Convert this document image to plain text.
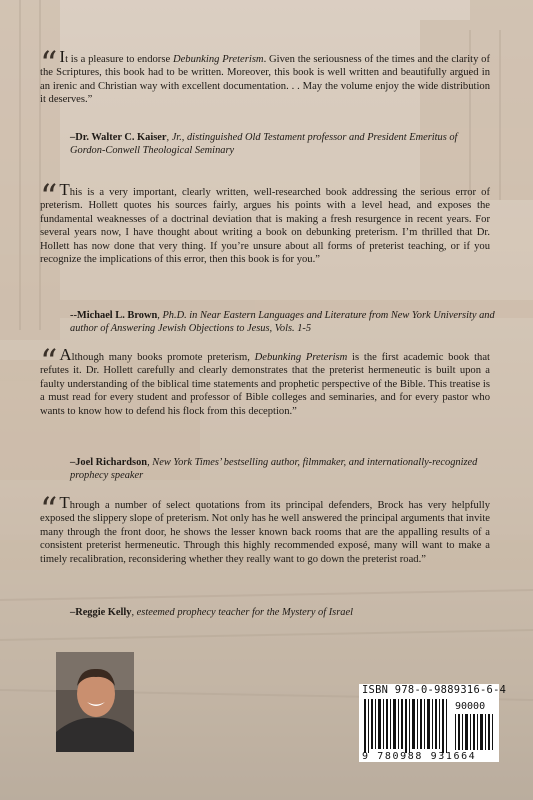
“ It is a pleasure to endorse Debunking Preterism. Given the seriousness of the times and the clarity of the Scriptures, this book had to be written. Moreover, this book is well written and beautifully argued in an irenic and Christian way with excellent documentation. . . May the volume enjoy the wide distribution it deserves.”

–Dr. Walter C. Kaiser, Jr., distinguished Old Testament professor and President Emeritus of Gordon-Conwell Theological Seminary

“ This is a very important, clearly written, well-researched book addressing the serious error of preterism. Hollett quotes his sources fairly, argues his points with a level head, and exposes the fundamental weaknesses of a doctrinal deviation that is making a fresh resurgence in recent years. For several years now, I have thought about writing a book on debunking preterism. I’m thrilled that Dr. Hollett has now done that very thing. If you’re unsure about all forms of preterist teaching, or if you recognize the implications of this error, then this book is for you.”

--Michael L. Brown, Ph.D. in Near Eastern Languages and Literature from New York University and author of Answering Jewish Objections to Jesus, Vols. 1-5

“ Although many books promote preterism, Debunking Preterism is the first academic book that refutes it. Dr. Hollett carefully and clearly demonstrates that the preterist hermeneutic is built upon a faulty understanding of the biblical time statements and prophetic perspective of the Bible. This treatise is a must read for every student and professor of Bible colleges and seminaries, and for every pastor who wants to know how to defend his flock from this deception.”

–Joel Richardson, New York Times’ bestselling author, filmmaker, and internationally-recognized prophecy speaker

“ Through a number of select quotations from its principal defenders, Brock has very helpfully exposed the slippery slope of preterism. Not only has he well answered the principal arguments that invite many through the front door, he shows the lesser known back rooms that are the appalling results of a consistent preterist hermeneutic. Through this highly recommended exposé, many will want to make a timely recalibration, reconsidering whether they really want to go down the preterist road.”

–Reggie Kelly, esteemed prophecy teacher for the Mystery of Israel
ISBN 978-0-9889316-6-4
90000
9 780988 931664
